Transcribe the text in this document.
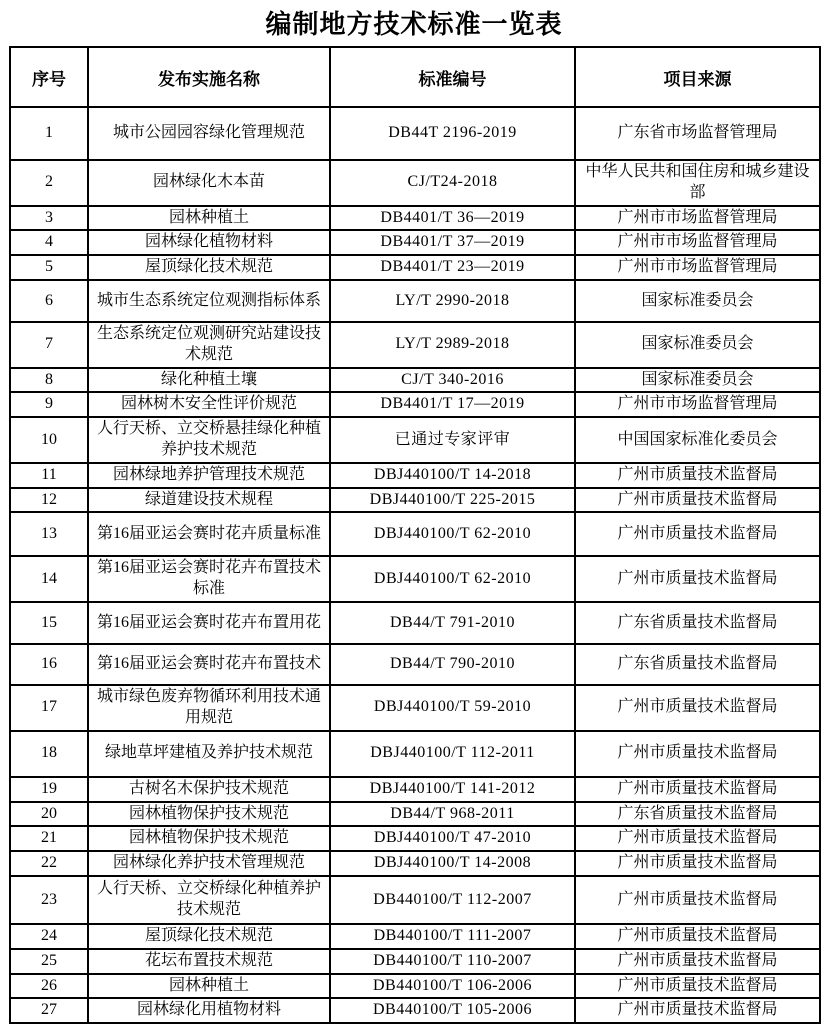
编制地方技术标准一览表
序号	发布实施名称	标准编号	项目来源
1	城市公园园容绿化管理规范	DB44T 2196-2019	广东省市场监督管理局
2	园林绿化木本苗	CJ/T24-2018	中华人民共和国住房和城乡建设部
3	园林种植土	DB4401/T 36—2019	广州市市场监督管理局
4	园林绿化植物材料	DB4401/T 37—2019	广州市市场监督管理局
5	屋顶绿化技术规范	DB4401/T 23—2019	广州市市场监督管理局
6	城市生态系统定位观测指标体系	LY/T 2990-2018	国家标准委员会
7	生态系统定位观测研究站建设技术规范	LY/T 2989-2018	国家标准委员会
8	绿化种植土壤	CJ/T 340-2016	国家标准委员会
9	园林树木安全性评价规范	DB4401/T 17—2019	广州市市场监督管理局
10	人行天桥、立交桥悬挂绿化种植养护技术规范	已通过专家评审	中国国家标准化委员会
11	园林绿地养护管理技术规范	DBJ440100/T 14-2018	广州市质量技术监督局
12	绿道建设技术规程	DBJ440100/T 225-2015	广州市质量技术监督局
13	第16届亚运会赛时花卉质量标准	DBJ440100/T 62-2010	广州市质量技术监督局
14	第16届亚运会赛时花卉布置技术标准	DBJ440100/T 62-2010	广州市质量技术监督局
15	第16届亚运会赛时花卉布置用花	DB44/T 791-2010	广东省质量技术监督局
16	第16届亚运会赛时花卉布置技术	DB44/T 790-2010	广东省质量技术监督局
17	城市绿色废弃物循环利用技术通用规范	DBJ440100/T 59-2010	广州市质量技术监督局
18	绿地草坪建植及养护技术规范	DBJ440100/T 112-2011	广州市质量技术监督局
19	古树名木保护技术规范	DBJ440100/T 141-2012	广州市质量技术监督局
20	园林植物保护技术规范	DB44/T 968-2011	广东省质量技术监督局
21	园林植物保护技术规范	DBJ440100/T 47-2010	广州市质量技术监督局
22	园林绿化养护技术管理规范	DBJ440100/T 14-2008	广州市质量技术监督局
23	人行天桥、立交桥绿化种植养护技术规范	DB440100/T 112-2007	广州市质量技术监督局
24	屋顶绿化技术规范	DB440100/T 111-2007	广州市质量技术监督局
25	花坛布置技术规范	DB440100/T 110-2007	广州市质量技术监督局
26	园林种植土	DB440100/T 106-2006	广州市质量技术监督局
27	园林绿化用植物材料	DB440100/T 105-2006	广州市质量技术监督局
